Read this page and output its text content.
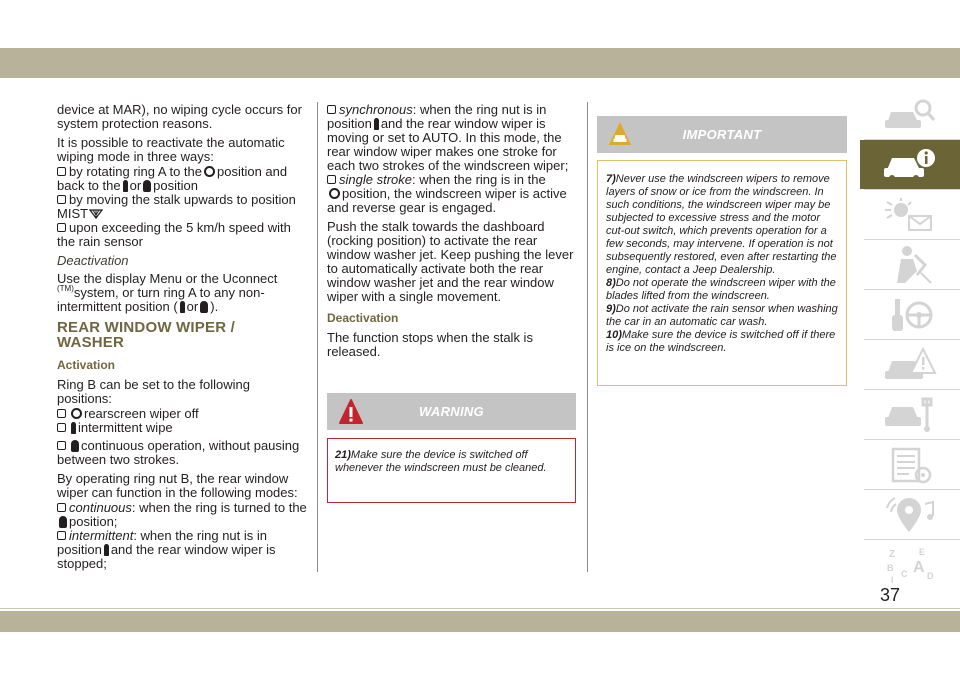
device at MAR), no wiping cycle occurs for system protection reasons.

It is possible to reactivate the automatic wiping mode in three ways:

by rotating ring A to the position and back to the or position
by moving the stalk upwards to position MIST
upon exceeding the 5 km/h speed with the rain sensor

Deactivation

Use the display Menu or the Uconnect
$^{(TM)}$system, or turn ring A to any non-intermittent position ( or ).

REAR WINDOW WIPER /
WASHER

Activation

Ring B can be set to the following positions:

rearscreen wiper off
intermittent wipe
continuous operation, without pausing between two strokes.

By operating ring nut B, the rear window wiper can function in the following modes:

continuous: when the ring is turned to theposition;
intermittent: when the ring nut is in position and the rear window wiper is stopped;
synchronous: when the ring nut is in position and the rear window wiper is moving or set to AUTO. In this mode, the rear window wiper makes one stroke for each two strokes of the windscreen wiper;
single stroke: when the ring is in the
position, the windscreen wiper is active and reverse gear is engaged.

Push the stalk towards the dashboard (rocking position) to activate the rear window washer jet. Keep pushing the lever to automatically activate both the rear window washer jet and the rear window wiper with a single movement.

Deactivation

The function stops when the stalk is released.

WARNING
21)Make sure the device is switched off whenever the windscreen must be cleaned.
IMPORTANT

7)Never use the windscreen wipers to remove layers of snow or ice from the windscreen. In such conditions, the windscreen wiper may be subjected to excessive stress and the motor cut-out switch, which prevents operation for a few seconds, may intervene. If operation is not subsequently restored, even after restarting the engine, contact a Jeep Dealership.

8)Do not operate the windscreen wiper with the blades lifted from the windscreen.

9)Do not activate the rain sensor when washing the car in an automatic car wash.

10)Make sure the device is switched off if there is ice on the windscreen.

Z	E
B A
C D
I
37
